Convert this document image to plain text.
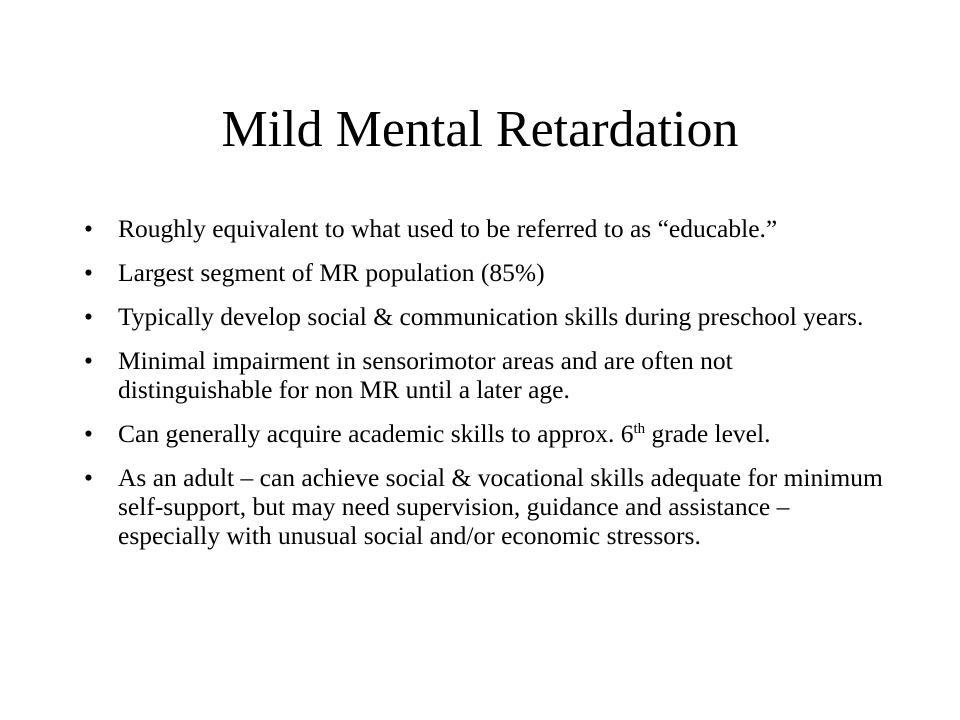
Mild Mental Retardation
• Roughly equivalent to what used to be referred to as “educable.”
• Largest segment of MR population (85%)
• Typically develop social & communication skills during preschool years.
• Minimal impairment in sensorimotor areas and are often not distinguishable for non MR until a later age.
• Can generally acquire academic skills to approx. 6th grade level.
• As an adult – can achieve social & vocational skills adequate for minimum self-support, but may need supervision, guidance and assistance – especially with unusual social and/or economic stressors.
